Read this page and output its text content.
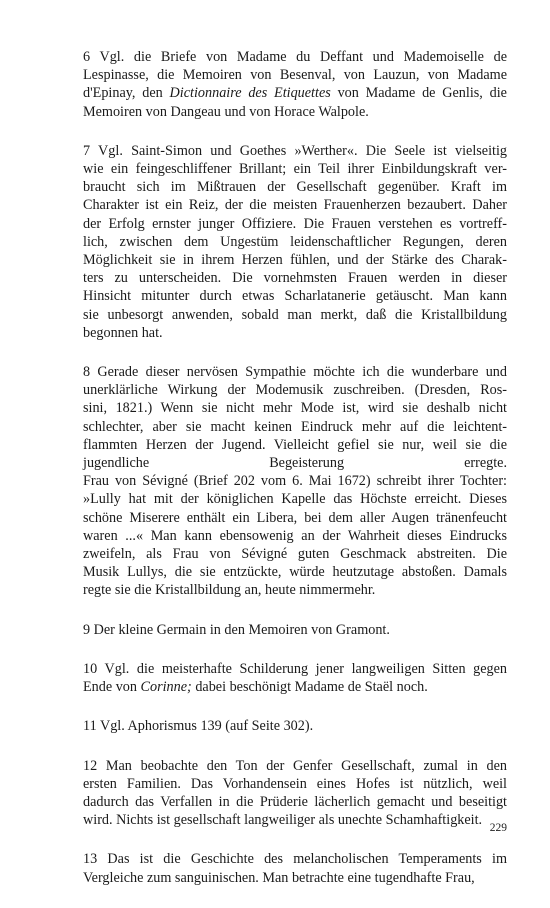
6 Vgl. die Briefe von Madame du Deffant und Mademoiselle de
Lespinasse, die Memoiren von Besenval, von Lauzun, von Madame
d'Epinay, den Dictionnaire des Etiquettes von Madame de Genlis, die
Memoiren von Dangeau und von Horace Walpole.

7 Vgl. Saint-Simon und Goethes »Werther«. Die Seele ist vielseitig
wie ein feingeschliffener Brillant; ein Teil ihrer Einbildungskraft ver-
braucht sich im Mißtrauen der Gesellschaft gegenüber. Kraft im
Charakter ist ein Reiz, der die meisten Frauenherzen bezaubert. Daher
der Erfolg ernster junger Offiziere. Die Frauen verstehen es vortreff-
lich, zwischen dem Ungestüm leidenschaftlicher Regungen, deren
Möglichkeit sie in ihrem Herzen fühlen, und der Stärke des Charak-
ters zu unterscheiden. Die vornehmsten Frauen werden in dieser
Hinsicht mitunter durch etwas Scharlatanerie getäuscht. Man kann
sie unbesorgt anwenden, sobald man merkt, daß die Kristallbildung
begonnen hat.

8 Gerade dieser nervösen Sympathie möchte ich die wunderbare und
unerklärliche Wirkung der Modemusik zuschreiben. (Dresden, Ros-
sini, 1821.) Wenn sie nicht mehr Mode ist, wird sie deshalb nicht
schlechter, aber sie macht keinen Eindruck mehr auf die leichtent-
flammten Herzen der Jugend. Vielleicht gefiel sie nur, weil sie die
jugendliche Begeisterung erregte.
Frau von Sévigné (Brief 202 vom 6. Mai 1672) schreibt ihrer Tochter:
»Lully hat mit der königlichen Kapelle das Höchste erreicht. Dieses
schöne Miserere enthält ein Libera, bei dem aller Augen tränenfeucht
waren ...« Man kann ebensowenig an der Wahrheit dieses Eindrucks
zweifeln, als Frau von Sévigné guten Geschmack abstreiten. Die
Musik Lullys, die sie entzückte, würde heutzutage abstoßen. Damals
regte sie die Kristallbildung an, heute nimmermehr.

9 Der kleine Germain in den Memoiren von Gramont.

10 Vgl. die meisterhafte Schilderung jener langweiligen Sitten gegen
Ende von Corinne; dabei beschönigt Madame de Staël noch.

11 Vgl. Aphorismus 139 (auf Seite 302).

12 Man beobachte den Ton der Genfer Gesellschaft, zumal in den
ersten Familien. Das Vorhandensein eines Hofes ist nützlich, weil
dadurch das Verfallen in die Prüderie lächerlich gemacht und beseitigt
wird. Nichts ist gesellschaft langweiliger als unechte Schamhaftigkeit.

13 Das ist die Geschichte des melancholischen Temperaments im
Vergleiche zum sanguinischen. Man betrachte eine tugendhafte Frau,

229
